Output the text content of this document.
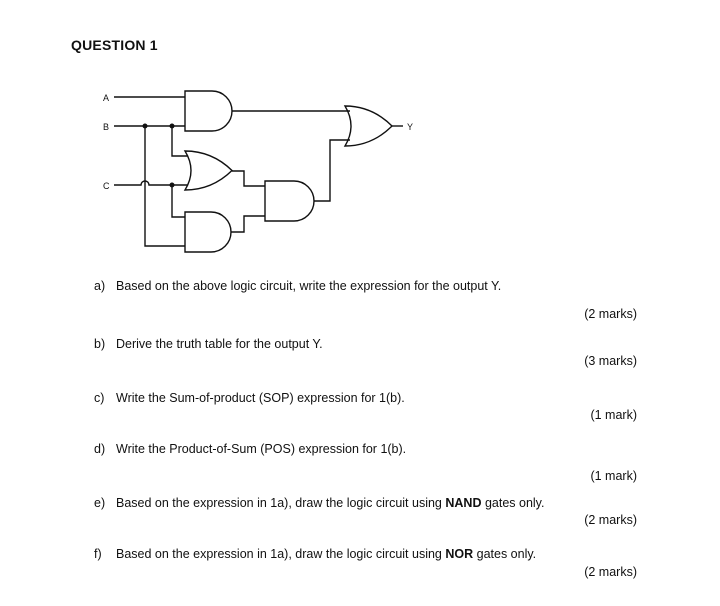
QUESTION 1
A
B
C
Y
a) Based on the above logic circuit, write the expression for the output Y.
(2 marks)
b) Derive the truth table for the output Y.
(3 marks)
c) Write the Sum-of-product (SOP) expression for 1(b).
(1 mark)
d) Write the Product-of-Sum (POS) expression for 1(b).
(1 mark)
e) Based on the expression in 1a), draw the logic circuit using NAND gates only.
(2 marks)
f) Based on the expression in 1a), draw the logic circuit using NOR gates only.
(2 marks)
